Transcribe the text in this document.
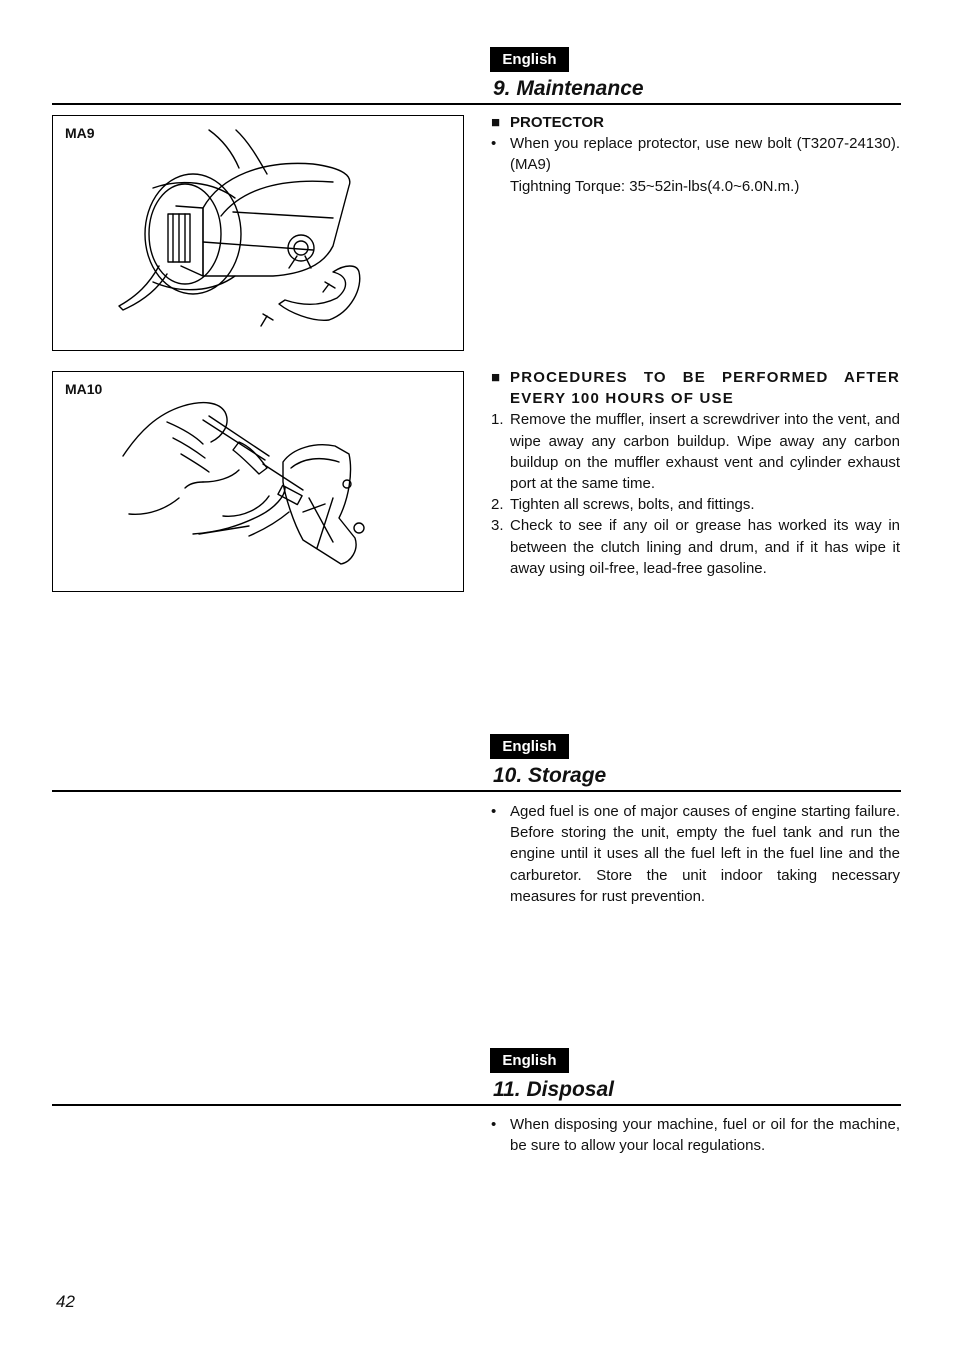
English
9. Maintenance
MA9
■ PROTECTOR
• When you replace protector, use new bolt (T3207-24130). (MA9)
Tightning Torque: 35~52in-lbs(4.0~6.0N.m.)
MA10
■ PROCEDURES TO BE PERFORMED AFTER EVERY 100 HOURS OF USE
1. Remove the muffler, insert a screwdriver into the vent, and wipe away any carbon buildup. Wipe away any carbon buildup on the muffler exhaust vent and cylinder exhaust port at the same time.
2. Tighten all screws, bolts, and fittings.
3. Check to see if any oil or grease has worked its way in between the clutch lining and drum, and if it has wipe it away using oil-free, lead-free gasoline.
English
10. Storage
• Aged fuel is one of major causes of engine starting failure. Before storing the unit, empty the fuel tank and run the engine until it uses all the fuel left in the fuel line and the carburetor. Store the unit indoor taking necessary measures for rust prevention.
English
11. Disposal
• When disposing your machine, fuel or oil for the machine, be sure to allow your local regulations.
42
